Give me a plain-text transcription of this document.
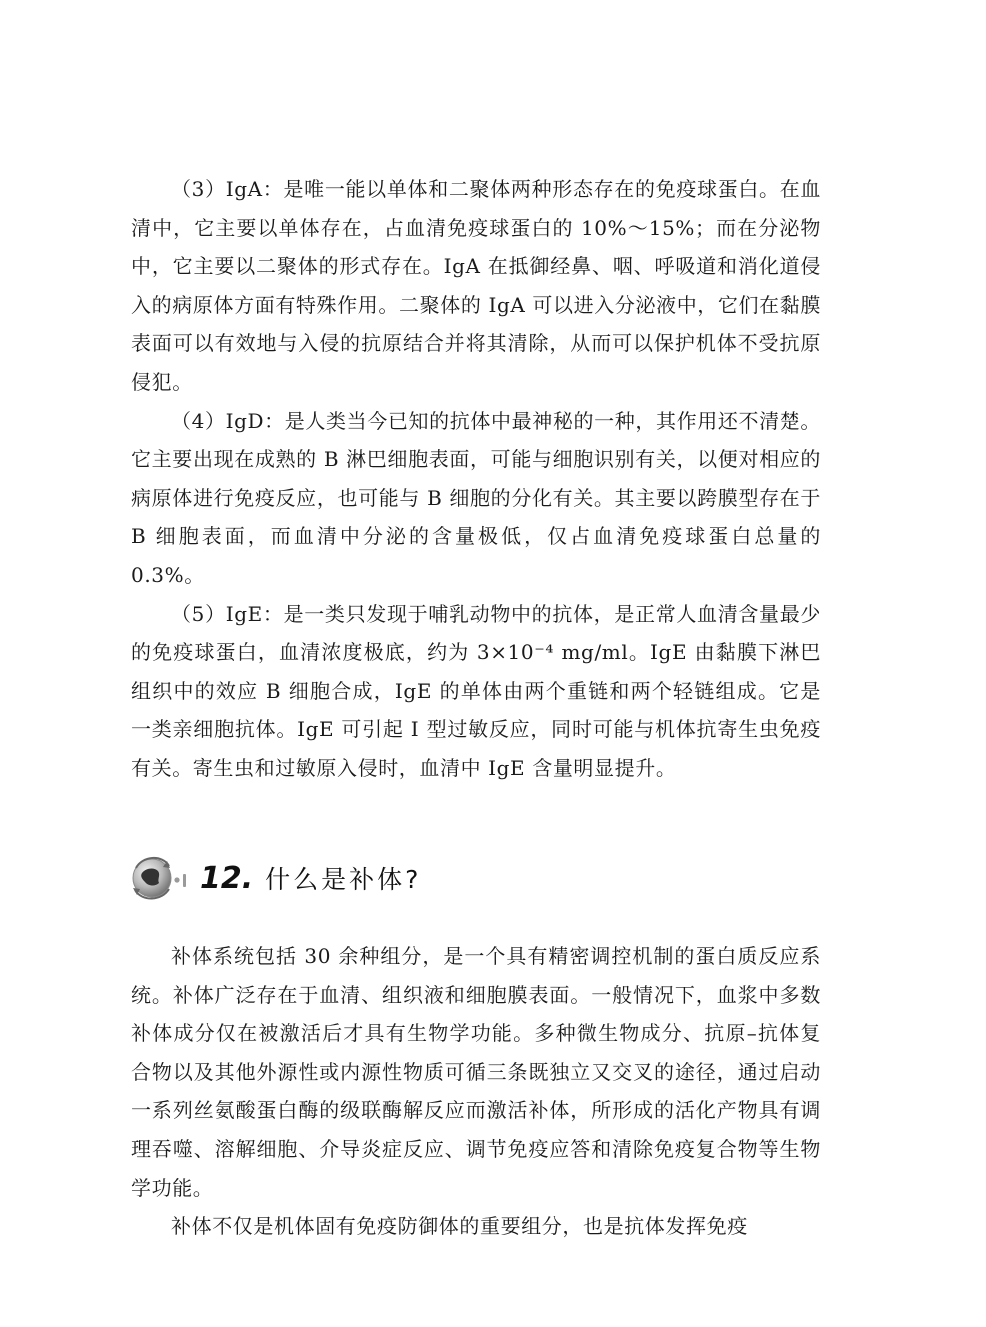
（3）IgA：是唯一能以单体和二聚体两种形态存在的免疫球蛋白。在血清中，它主要以单体存在，占血清免疫球蛋白的 10%～15%；而在分泌物中，它主要以二聚体的形式存在。IgA 在抵御经鼻、咽、呼吸道和消化道侵入的病原体方面有特殊作用。二聚体的 IgA 可以进入分泌液中，它们在黏膜表面可以有效地与入侵的抗原结合并将其清除，从而可以保护机体不受抗原侵犯。

（4）IgD：是人类当今已知的抗体中最神秘的一种，其作用还不清楚。它主要出现在成熟的 B 淋巴细胞表面，可能与细胞识别有关，以便对相应的病原体进行免疫反应，也可能与 B 细胞的分化有关。其主要以跨膜型存在于 B 细胞表面，而血清中分泌的含量极低，仅占血清免疫球蛋白总量的 0.3%。

（5）IgE：是一类只发现于哺乳动物中的抗体，是正常人血清含量最少的免疫球蛋白，血清浓度极底，约为 3×10⁻⁴ mg/ml。IgE 由黏膜下淋巴组织中的效应 B 细胞合成，IgE 的单体由两个重链和两个轻链组成。它是一类亲细胞抗体。IgE 可引起 Ⅰ 型过敏反应，同时可能与机体抗寄生虫免疫有关。寄生虫和过敏原入侵时，血清中 IgE 含量明显提升。

12. 什么是补体?

补体系统包括 30 余种组分，是一个具有精密调控机制的蛋白质反应系统。补体广泛存在于血清、组织液和细胞膜表面。一般情况下，血浆中多数补体成分仅在被激活后才具有生物学功能。多种微生物成分、抗原–抗体复合物以及其他外源性或内源性物质可循三条既独立又交叉的途径，通过启动一系列丝氨酸蛋白酶的级联酶解反应而激活补体，所形成的活化产物具有调理吞噬、溶解细胞、介导炎症反应、调节免疫应答和清除免疫复合物等生物学功能。

补体不仅是机体固有免疫防御体的重要组分，也是抗体发挥免疫
